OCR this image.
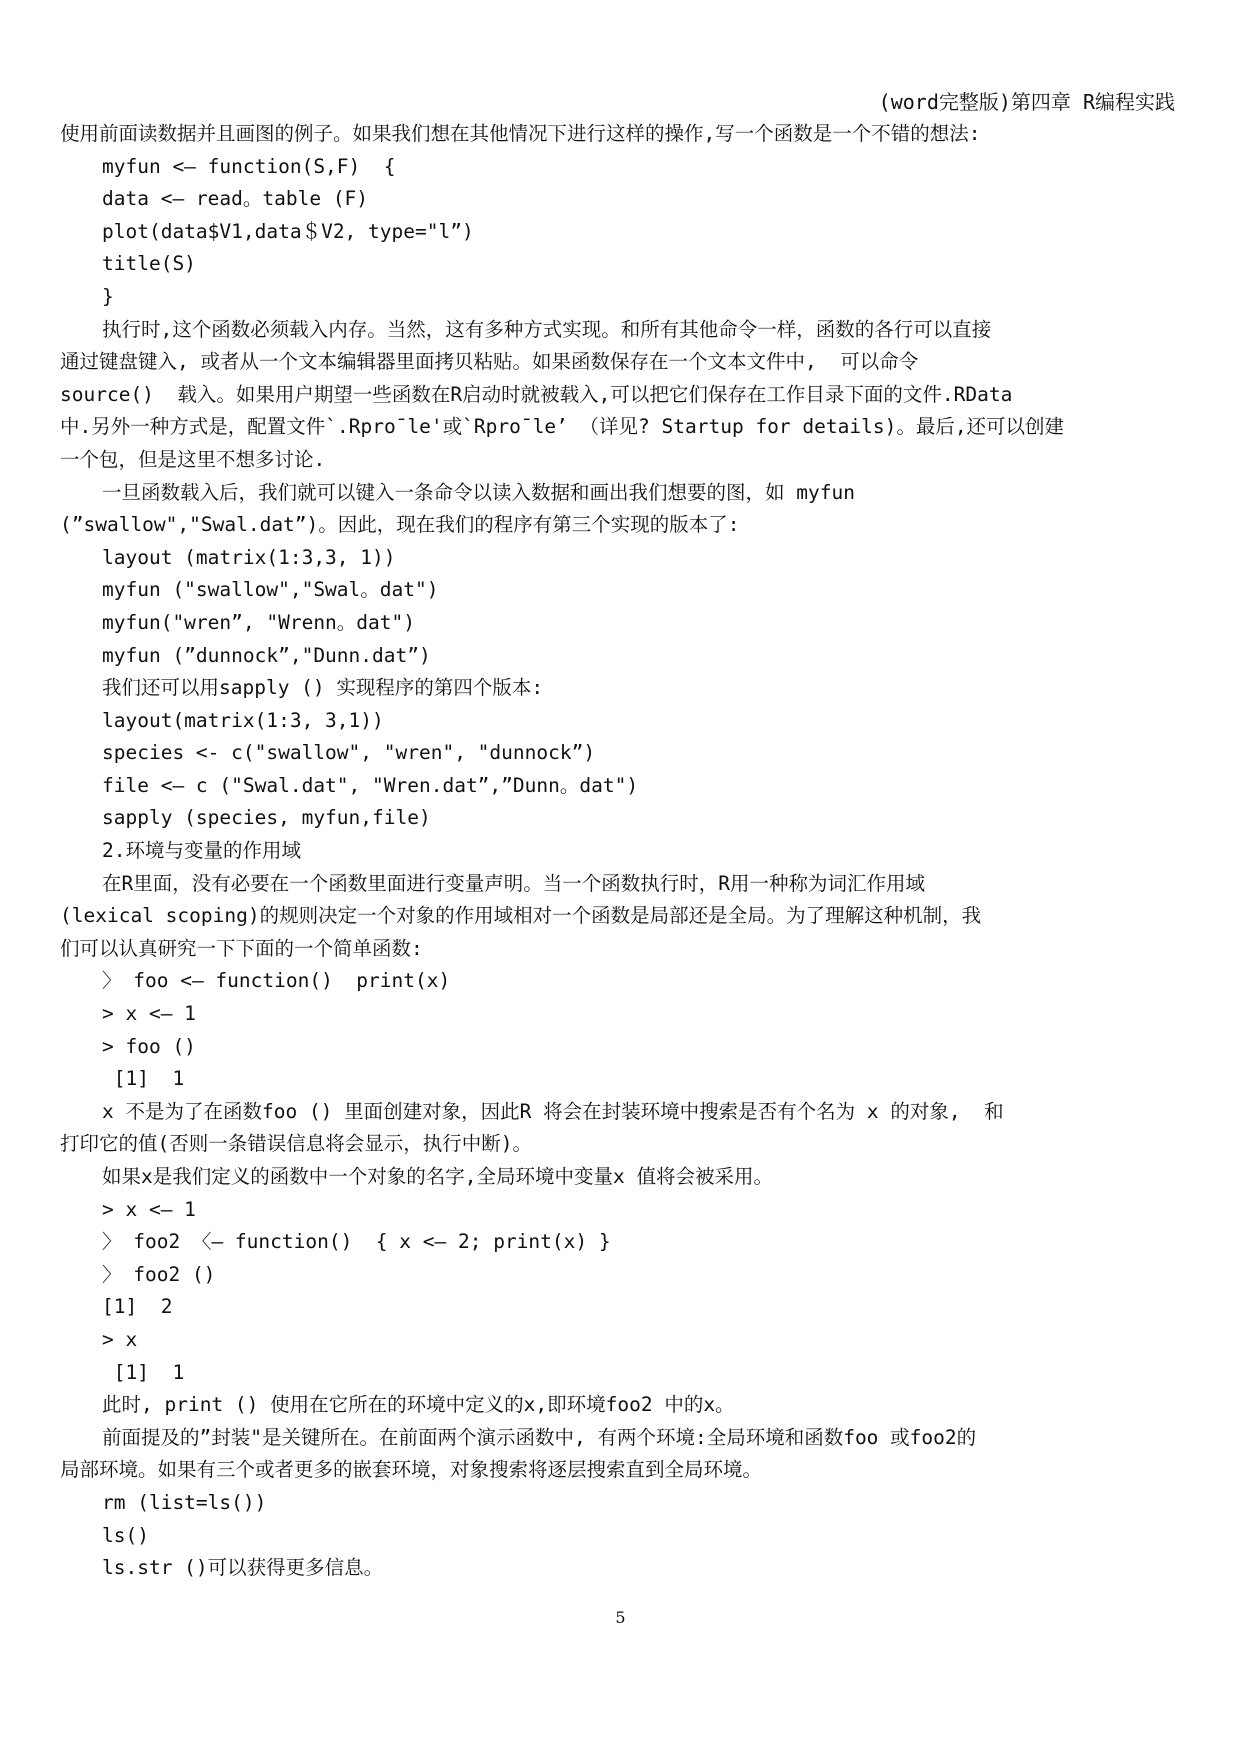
(word完整版)第四章 R编程实践
使用前面读数据并且画图的例子。如果我们想在其他情况下进行这样的操作,写一个函数是一个不错的想法:
myfun <— function(S,F)  {
data <— read。table (F)
plot(data$V1,data＄V2, type="l”)
title(S)
}
执行时,这个函数必须载入内存。当然，这有多种方式实现。和所有其他命令一样，函数的各行可以直接
通过键盘键入, 或者从一个文本编辑器里面拷贝粘贴。如果函数保存在一个文本文件中,  可以命令
source()  载入。如果用户期望一些函数在R启动时就被载入,可以把它们保存在工作目录下面的文件.RData
中.另外一种方式是，配置文件`.Rpro¯le'或`Rpro¯le’ （详见? Startup for details)。最后,还可以创建
一个包，但是这里不想多讨论.
一旦函数载入后，我们就可以键入一条命令以读入数据和画出我们想要的图，如 myfun
(”swallow","Swal.dat”)。因此，现在我们的程序有第三个实现的版本了:
layout (matrix(1:3,3, 1))
myfun ("swallow","Swal。dat")
myfun("wren”, "Wrenn。dat")
myfun (”dunnock”,"Dunn.dat”)
我们还可以用sapply () 实现程序的第四个版本:
layout(matrix(1:3, 3,1))
species <- c("swallow", "wren", "dunnock”)
file <— c ("Swal.dat", "Wren.dat”,”Dunn。dat")
sapply (species, myfun,file)
2.环境与变量的作用域
在R里面，没有必要在一个函数里面进行变量声明。当一个函数执行时，R用一种称为词汇作用域
(lexical scoping)的规则决定一个对象的作用域相对一个函数是局部还是全局。为了理解这种机制，我
们可以认真研究一下下面的一个简单函数:
〉 foo <— function()  print(x)
> x <— 1
> foo ()
[1]  1
x 不是为了在函数foo () 里面创建对象，因此R 将会在封装环境中搜索是否有个名为 x 的对象,  和
打印它的值(否则一条错误信息将会显示，执行中断)。
如果x是我们定义的函数中一个对象的名字,全局环境中变量x 值将会被采用。
> x <— 1
〉 foo2 〈— function()  { x <— 2; print(x) }
〉 foo2 ()
[1]  2
> x
[1]  1
此时, print () 使用在它所在的环境中定义的x,即环境foo2 中的x。
前面提及的”封装"是关键所在。在前面两个演示函数中, 有两个环境:全局环境和函数foo 或foo2的
局部环境。如果有三个或者更多的嵌套环境，对象搜索将逐层搜索直到全局环境。
rm (list=ls())
ls()
ls.str ()可以获得更多信息。
5
